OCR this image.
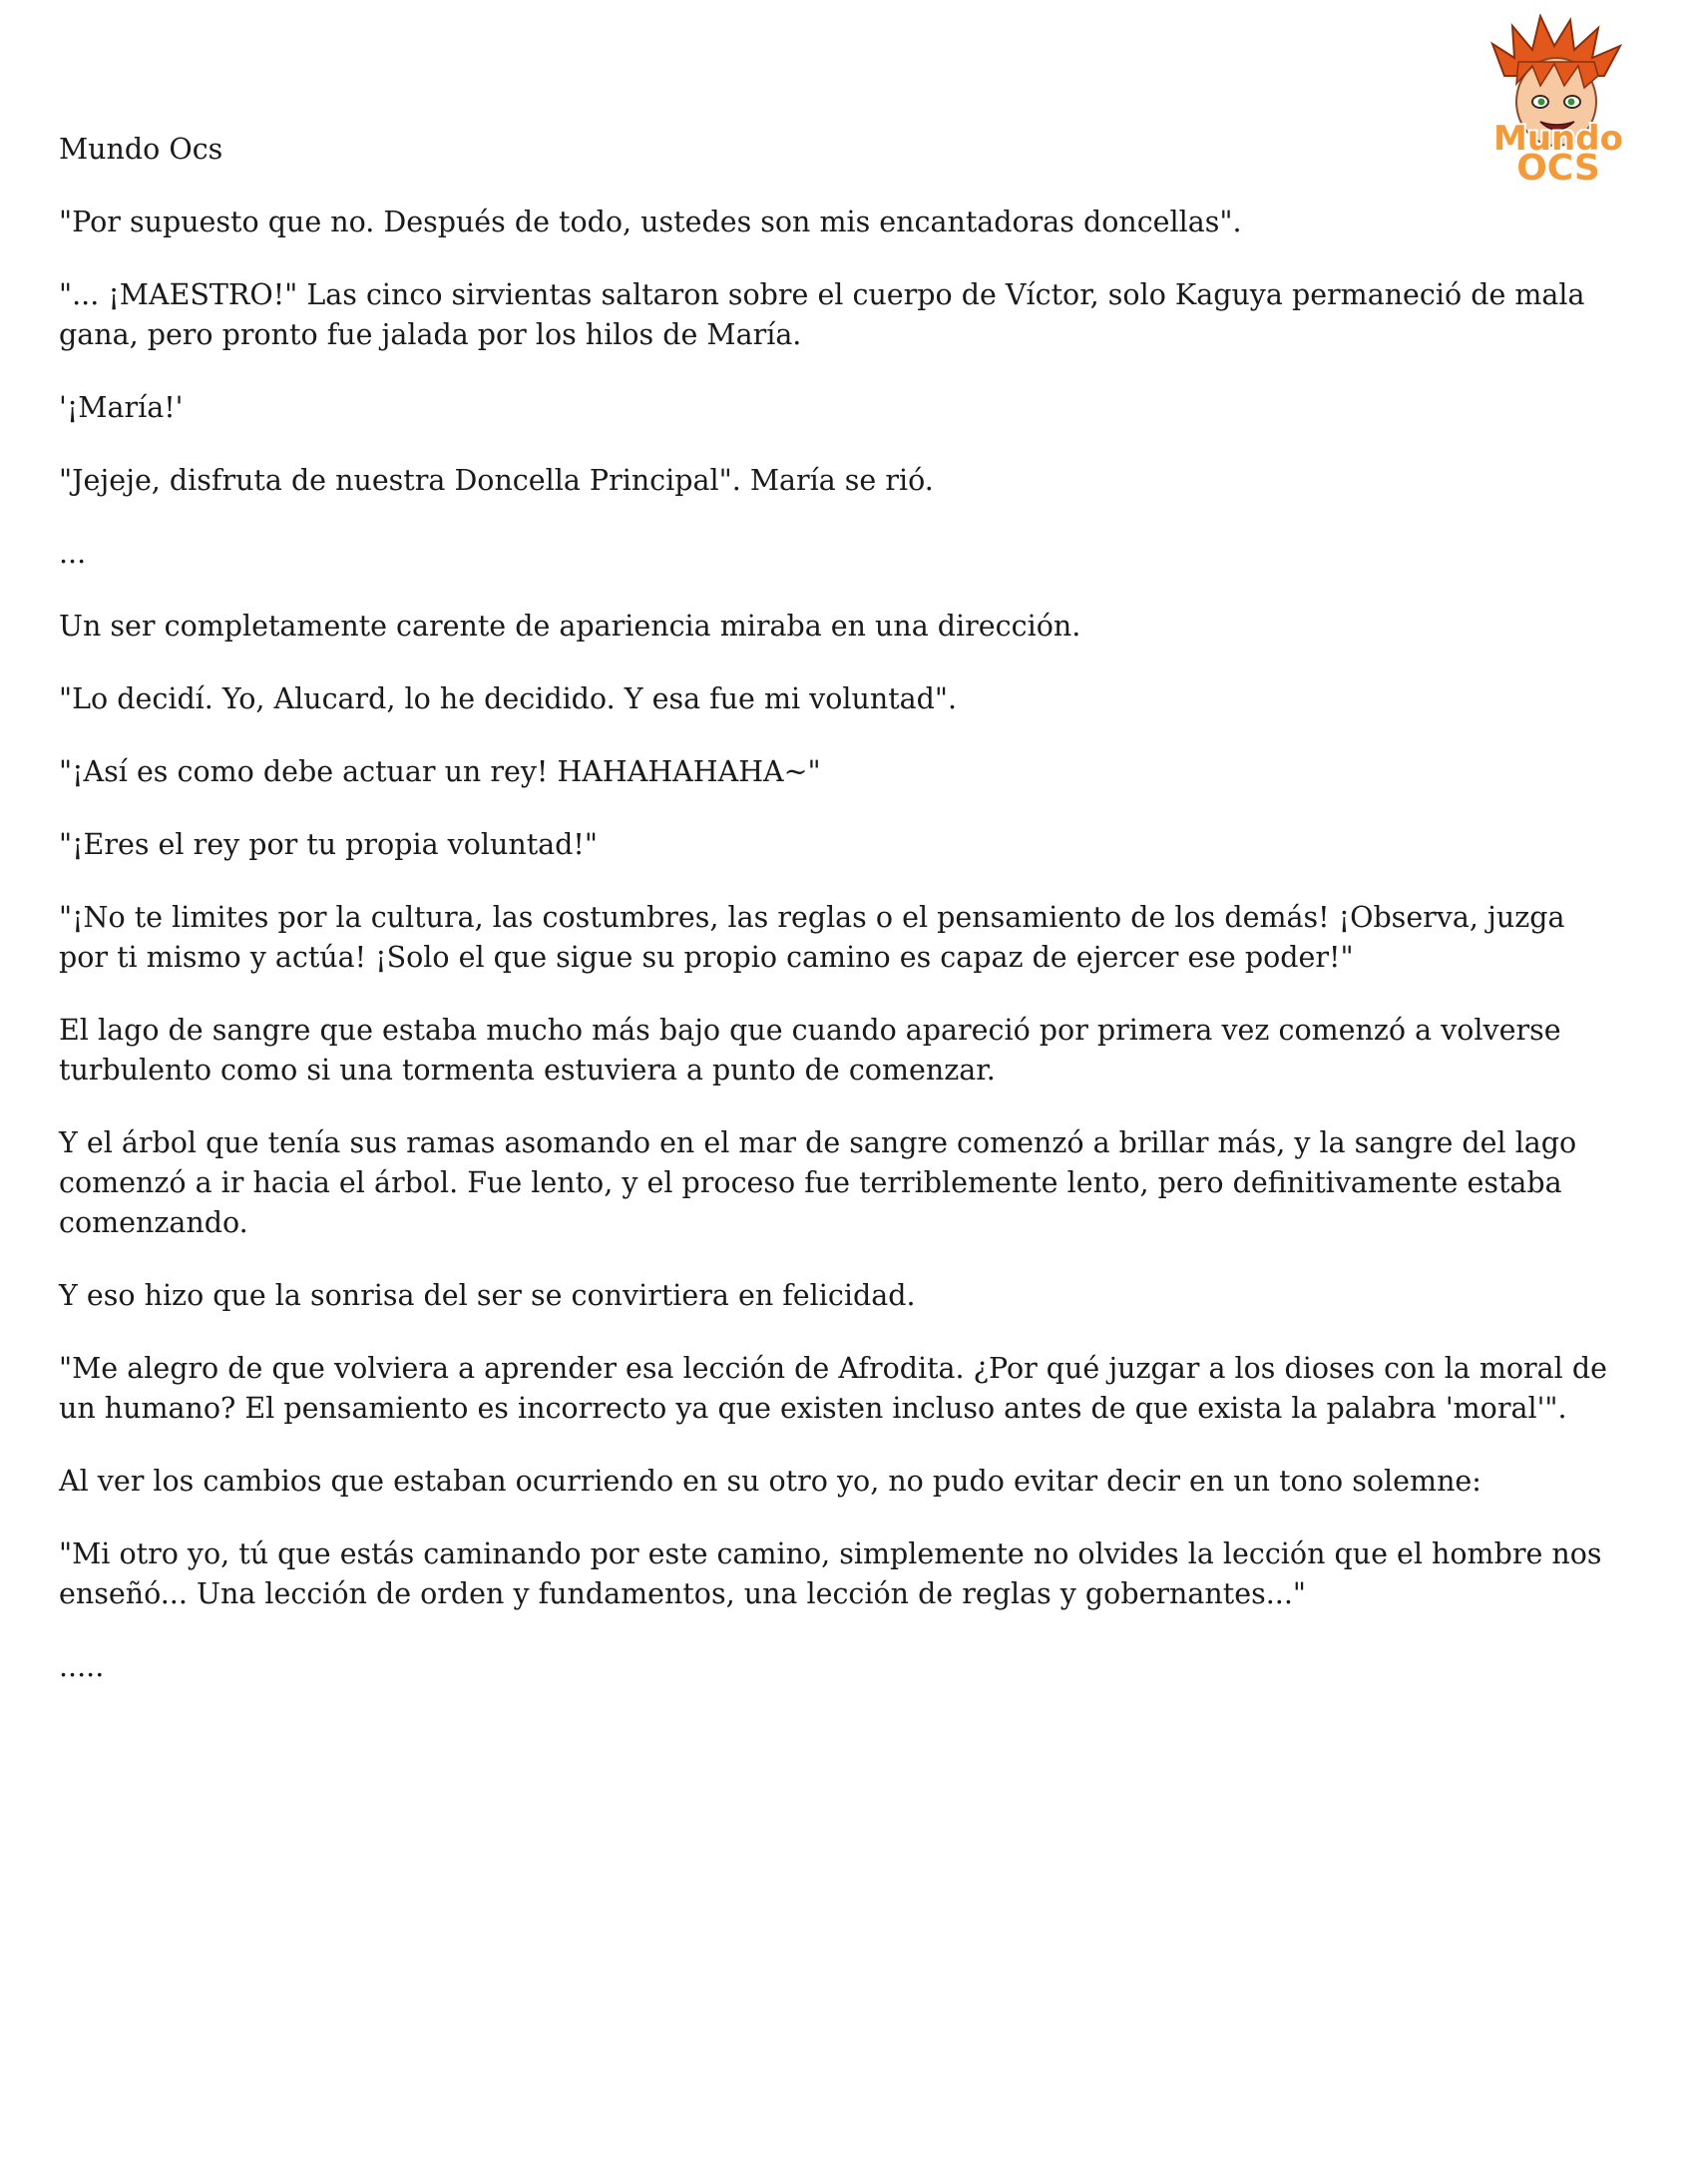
Mundo
OCS

Mundo Ocs

"Por supuesto que no. Después de todo, ustedes son mis encantadoras doncellas".

"... ¡MAESTRO!" Las cinco sirvientas saltaron sobre el cuerpo de Víctor, solo Kaguya permaneció de mala gana, pero pronto fue jalada por los hilos de María.

'¡María!'

"Jejeje, disfruta de nuestra Doncella Principal". María se rió.

...

Un ser completamente carente de apariencia miraba en una dirección.

"Lo decidí. Yo, Alucard, lo he decidido. Y esa fue mi voluntad".

"¡Así es como debe actuar un rey! HAHAHAHAHA~"

"¡Eres el rey por tu propia voluntad!"

"¡No te limites por la cultura, las costumbres, las reglas o el pensamiento de los demás! ¡Observa, juzga por ti mismo y actúa! ¡Solo el que sigue su propio camino es capaz de ejercer ese poder!"

El lago de sangre que estaba mucho más bajo que cuando apareció por primera vez comenzó a volverse turbulento como si una tormenta estuviera a punto de comenzar.

Y el árbol que tenía sus ramas asomando en el mar de sangre comenzó a brillar más, y la sangre del lago comenzó a ir hacia el árbol. Fue lento, y el proceso fue terriblemente lento, pero definitivamente estaba comenzando.

Y eso hizo que la sonrisa del ser se convirtiera en felicidad.

"Me alegro de que volviera a aprender esa lección de Afrodita. ¿Por qué juzgar a los dioses con la moral de un humano? El pensamiento es incorrecto ya que existen incluso antes de que exista la palabra 'moral'".

Al ver los cambios que estaban ocurriendo en su otro yo, no pudo evitar decir en un tono solemne:

"Mi otro yo, tú que estás caminando por este camino, simplemente no olvides la lección que el hombre nos enseñó... Una lección de orden y fundamentos, una lección de reglas y gobernantes..."

.....
